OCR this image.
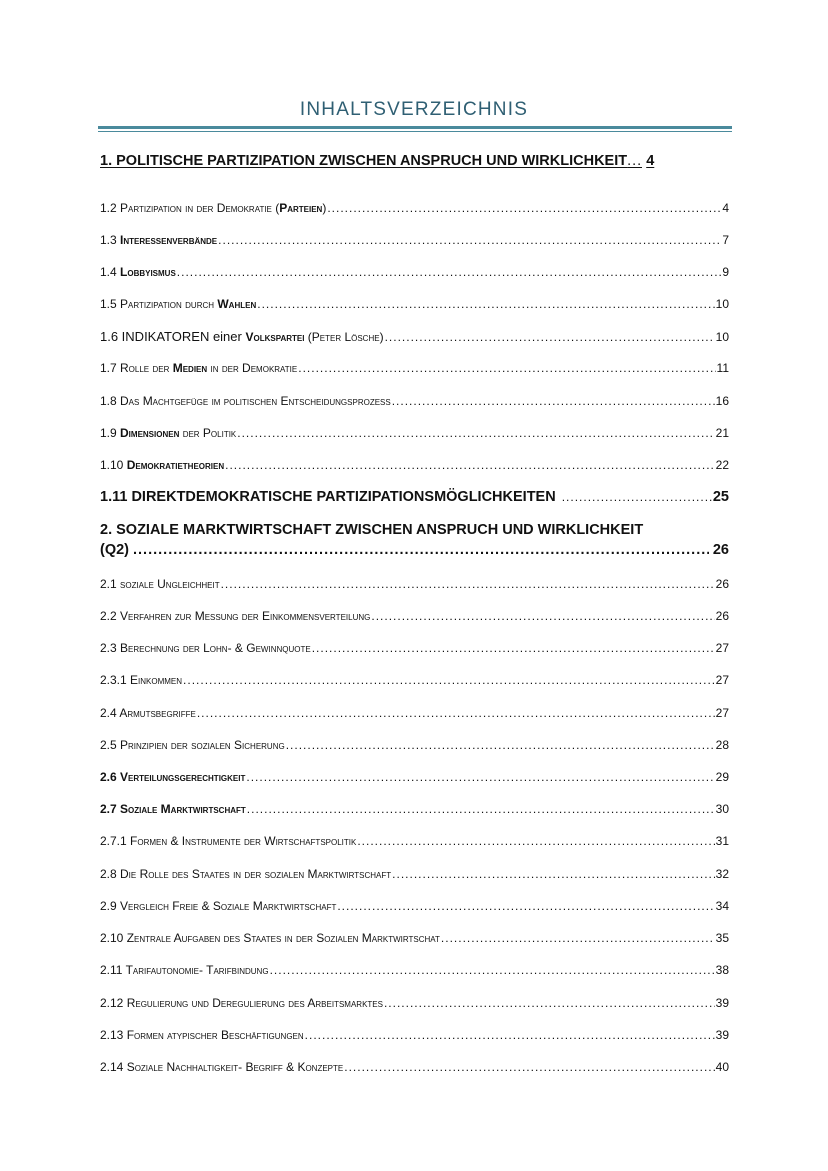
INHALTSVERZEICHNIS
1. POLITISCHE PARTIZIPATION ZWISCHEN ANSPRUCH UND WIRKLICHKEIT ... 4
1.2 Partizipation in der Demokratie (Parteien) .....	4
1.3 Interessenverbände .....	7
1.4 Lobbyismus .....	9
1.5 Partizipation durch Wahlen .....	10
1.6 INDIKATOREN einer Volkspartei (Peter Lösche) .....	10
1.7 Rolle der Medien in der Demokratie .....	11
1.8 Das Machtgefüge im politischen Entscheidungsprozess .....	16
1.9 Dimensionen der Politik .....	21
1.10 Demokratietheorien .....	22
1.11 DIREKTDEMOKRATISCHE PARTIZIPATIONSMÖGLICHKEITEN .....	25
2. SOZIALE MARKTWIRTSCHAFT ZWISCHEN ANSPRUCH UND WIRKLICHKEIT
(Q2) .....	26
2.1 soziale Ungleichheit .....	26
2.2 Verfahren zur Messung der Einkommensverteilung .....	26
2.3 Berechnung der Lohn- & Gewinnquote .....	27
2.3.1 Einkommen .....	27
2.4 Armutsbegriffe .....	27
2.5 Prinzipien der sozialen Sicherung .....	28
2.6 Verteilungsgerechtigkeit .....	29
2.7 Soziale Marktwirtschaft .....	30
2.7.1 Formen & Instrumente der Wirtschaftspolitik .....	31
2.8 Die Rolle des Staates in der sozialen Marktwirtschaft .....	32
2.9 Vergleich Freie & Soziale Marktwirtschaft .....	34
2.10 Zentrale Aufgaben des Staates in der Sozialen Marktwirtschat .....	35
2.11 Tarifautonomie- Tarifbindung .....	38
2.12 Regulierung und Deregulierung des Arbeitsmarktes .....	39
2.13 Formen atypischer Beschäftigungen .....	39
2.14 Soziale Nachhaltigkeit- Begriff & Konzepte .....	40
